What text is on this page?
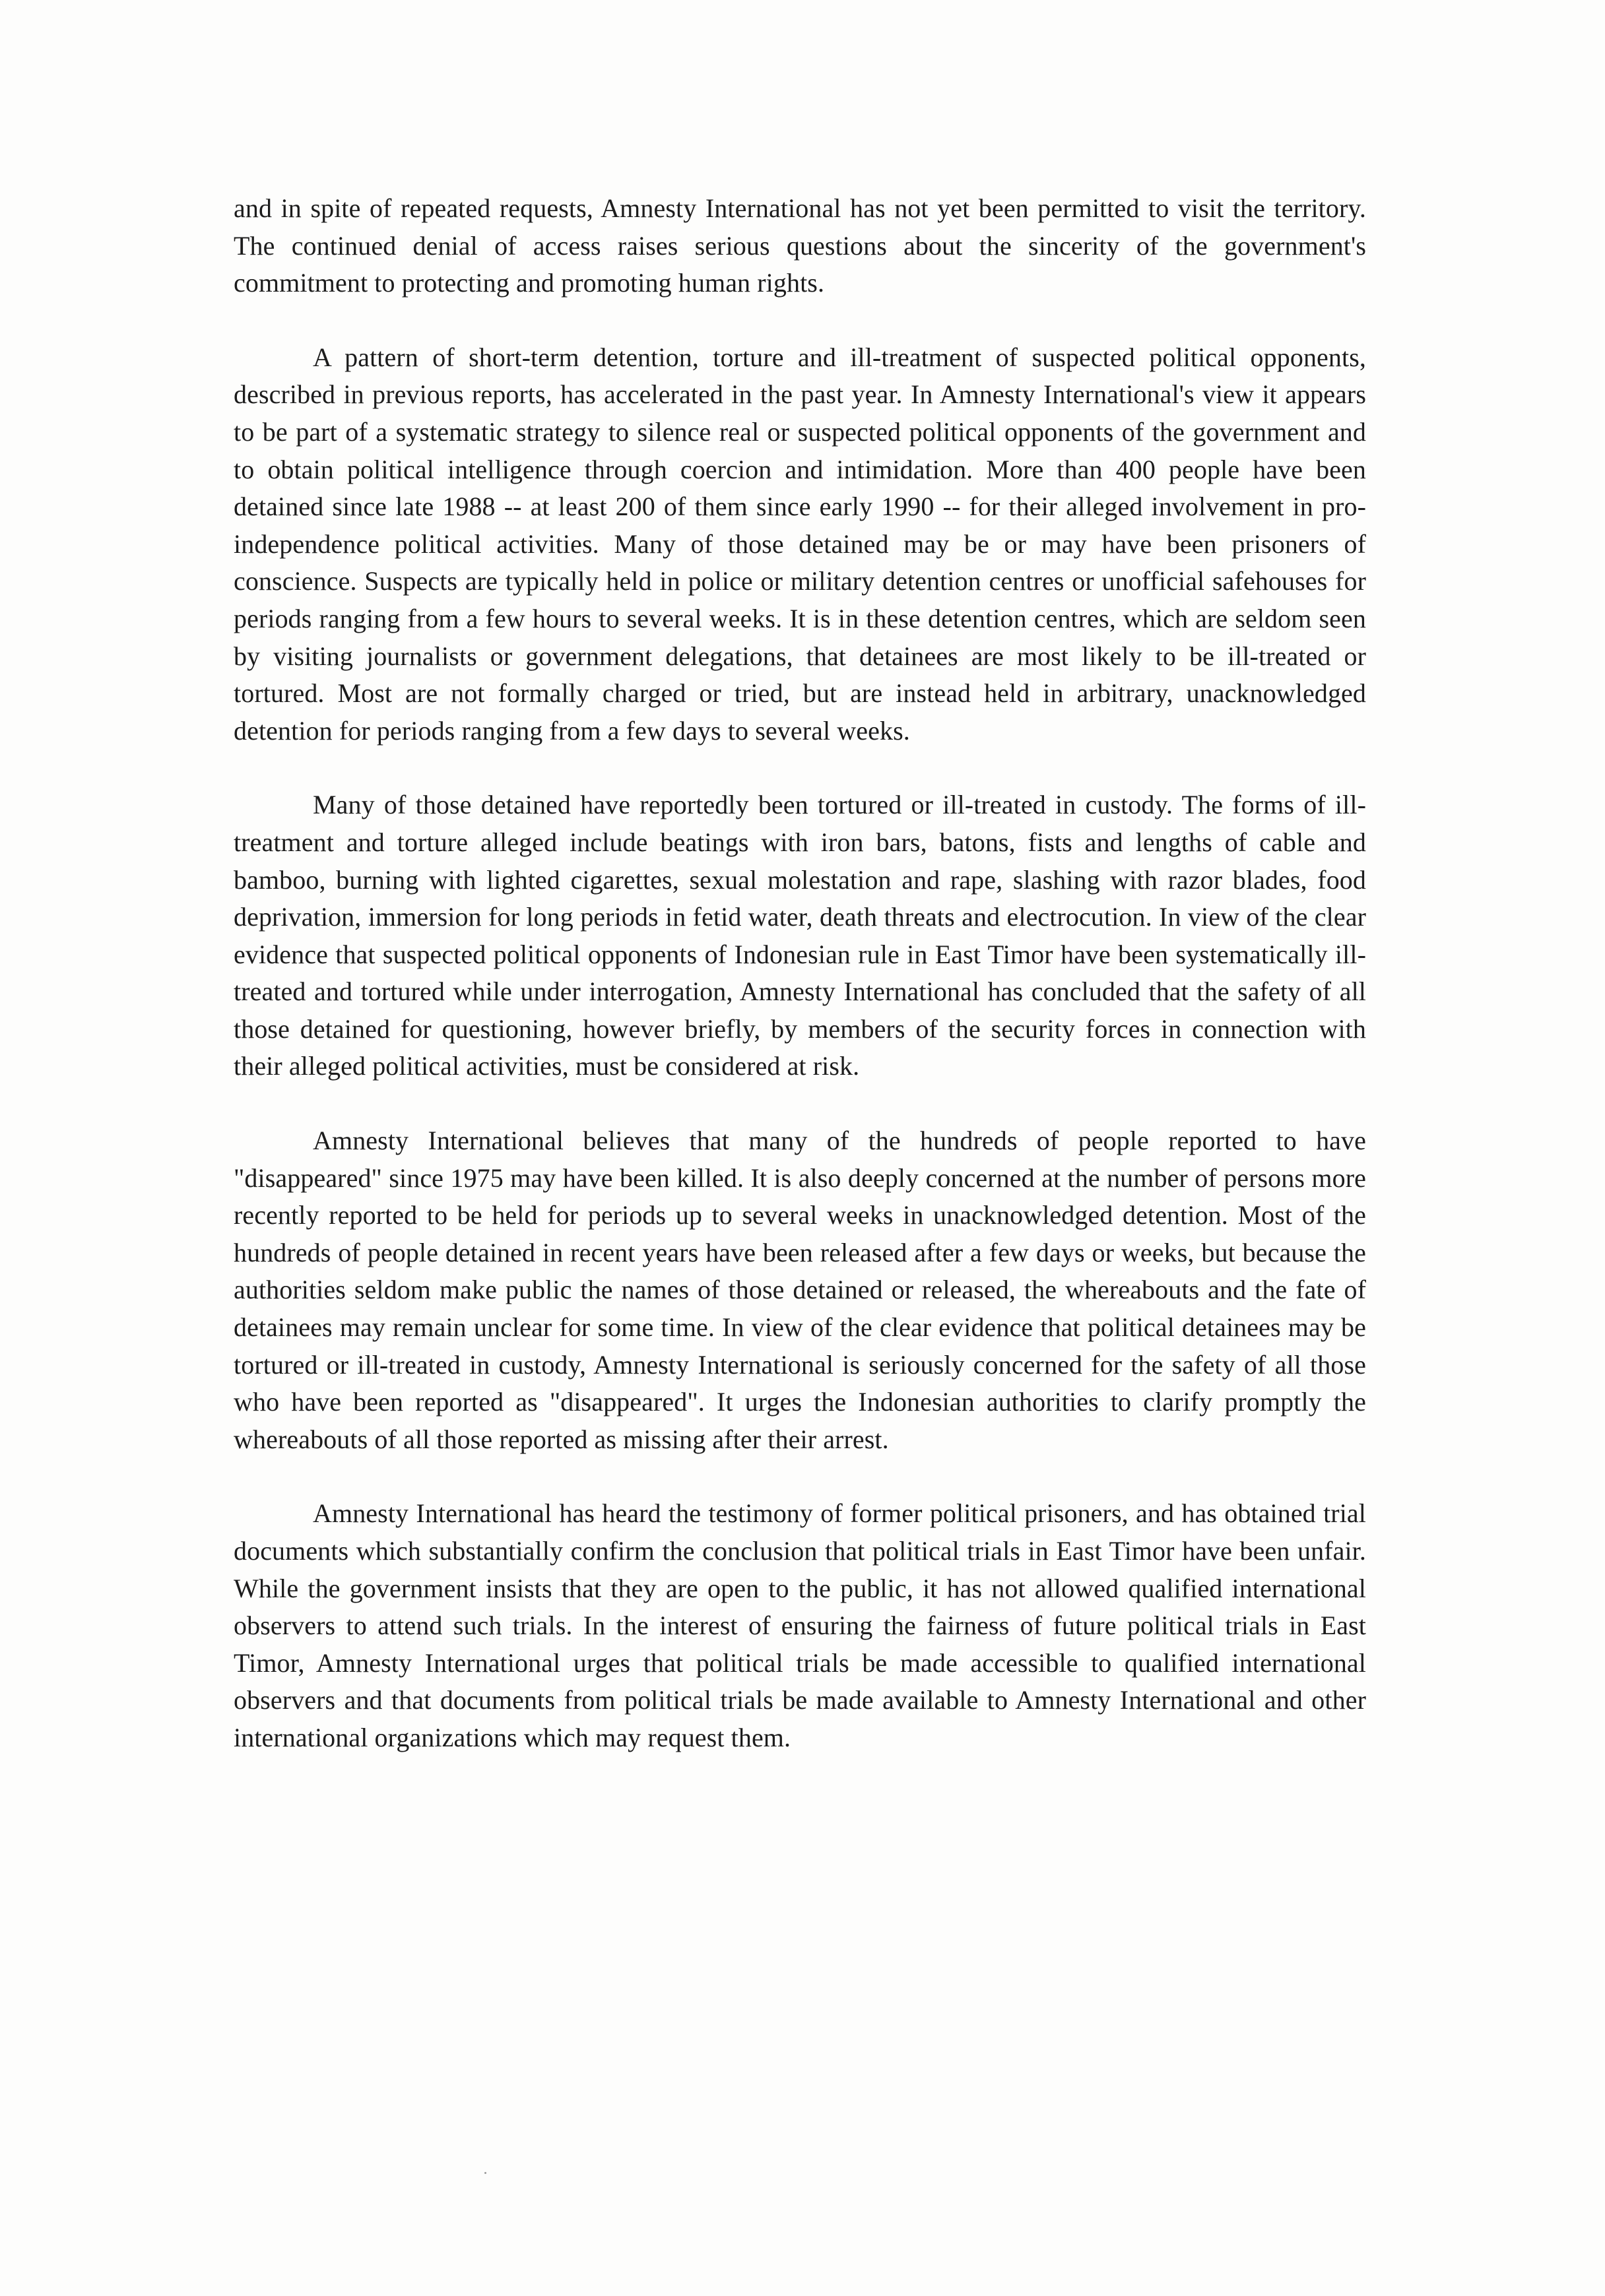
and in spite of repeated requests, Amnesty International has not yet been permitted to visit the territory. The continued denial of access raises serious questions about the sincerity of the government's commitment to protecting and promoting human rights.

A pattern of short-term detention, torture and ill-treatment of suspected political opponents, described in previous reports, has accelerated in the past year. In Amnesty International's view it appears to be part of a systematic strategy to silence real or suspected political opponents of the government and to obtain political intelligence through coercion and intimidation. More than 400 people have been detained since late 1988 -- at least 200 of them since early 1990 -- for their alleged involvement in pro-independence political activities. Many of those detained may be or may have been prisoners of conscience. Suspects are typically held in police or military detention centres or unofficial safehouses for periods ranging from a few hours to several weeks. It is in these detention centres, which are seldom seen by visiting journalists or government delegations, that detainees are most likely to be ill-treated or tortured. Most are not formally charged or tried, but are instead held in arbitrary, unacknowledged detention for periods ranging from a few days to several weeks.

Many of those detained have reportedly been tortured or ill-treated in custody. The forms of ill-treatment and torture alleged include beatings with iron bars, batons, fists and lengths of cable and bamboo, burning with lighted cigarettes, sexual molestation and rape, slashing with razor blades, food deprivation, immersion for long periods in fetid water, death threats and electrocution. In view of the clear evidence that suspected political opponents of Indonesian rule in East Timor have been systematically ill-treated and tortured while under interrogation, Amnesty International has concluded that the safety of all those detained for questioning, however briefly, by members of the security forces in connection with their alleged political activities, must be considered at risk.

Amnesty International believes that many of the hundreds of people reported to have "disappeared" since 1975 may have been killed. It is also deeply concerned at the number of persons more recently reported to be held for periods up to several weeks in unacknowledged detention. Most of the hundreds of people detained in recent years have been released after a few days or weeks, but because the authorities seldom make public the names of those detained or released, the whereabouts and the fate of detainees may remain unclear for some time. In view of the clear evidence that political detainees may be tortured or ill-treated in custody, Amnesty International is seriously concerned for the safety of all those who have been reported as "disappeared". It urges the Indonesian authorities to clarify promptly the whereabouts of all those reported as missing after their arrest.

Amnesty International has heard the testimony of former political prisoners, and has obtained trial documents which substantially confirm the conclusion that political trials in East Timor have been unfair. While the government insists that they are open to the public, it has not allowed qualified international observers to attend such trials. In the interest of ensuring the fairness of future political trials in East Timor, Amnesty International urges that political trials be made accessible to qualified international observers and that documents from political trials be made available to Amnesty International and other international organizations which may request them.
